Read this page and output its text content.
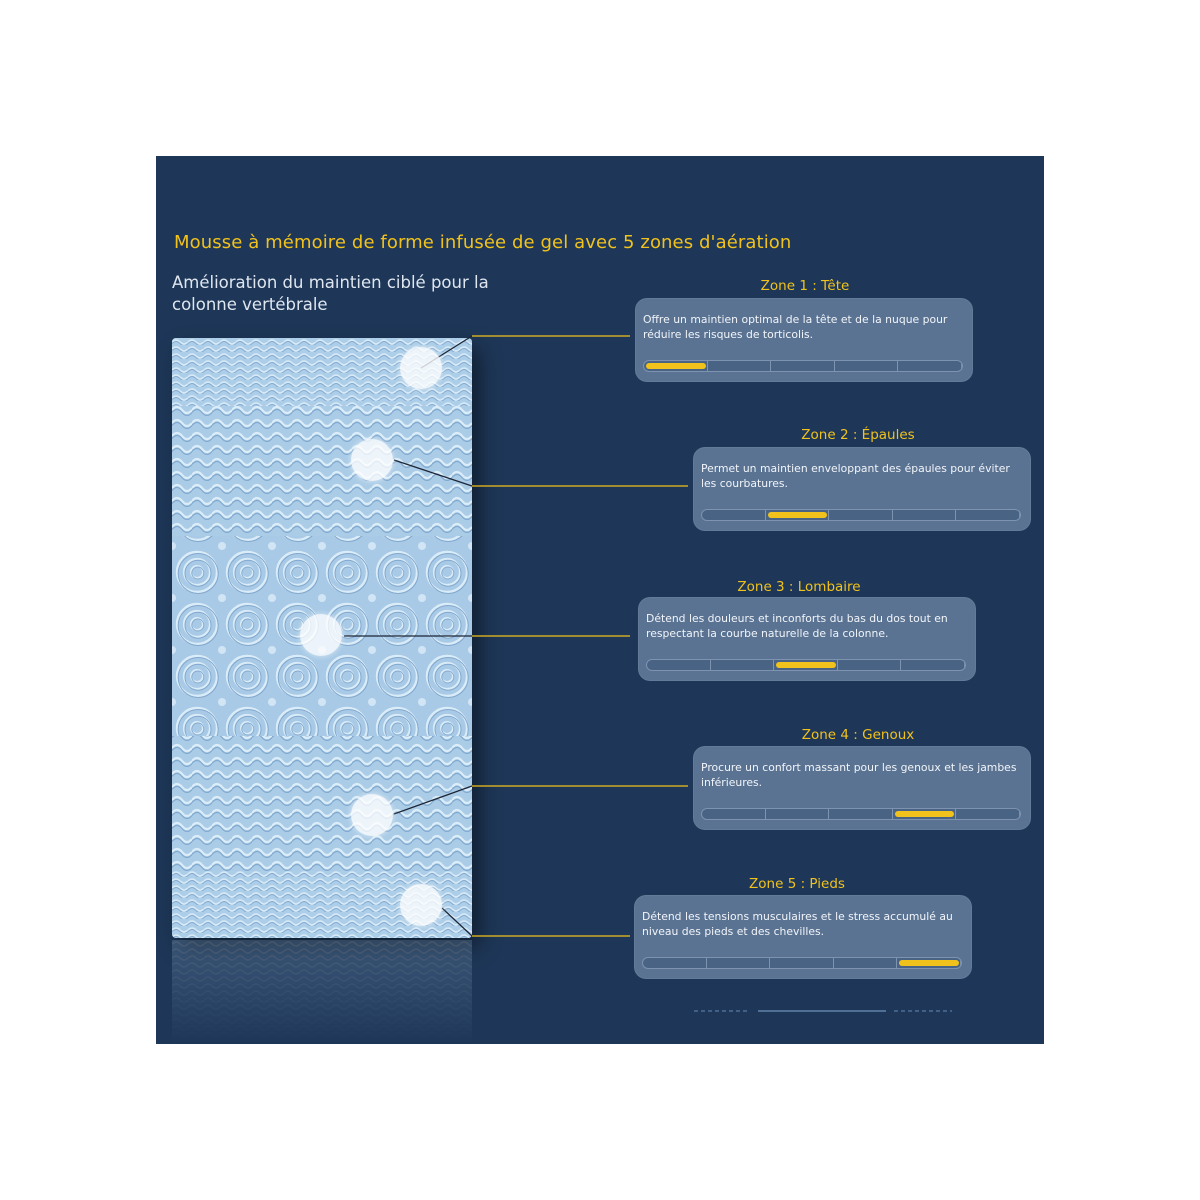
Mousse à mémoire de forme infusée de gel avec 5 zones d'aération
Amélioration du maintien ciblé pour la colonne vertébrale
Zone 1 : Tête
Offre un maintien optimal de la tête et de la nuque pour réduire les risques de torticolis.
Zone 2 : Épaules
Permet un maintien enveloppant des épaules pour éviter les courbatures.
Zone 3 : Lombaire
Détend les douleurs et inconforts du bas du dos tout en respectant la courbe naturelle de la colonne.
Zone 4 : Genoux
Procure un confort massant pour les genoux et les jambes inférieures.
Zone 5 : Pieds
Détend les tensions musculaires et le stress accumulé au niveau des pieds et des chevilles.
